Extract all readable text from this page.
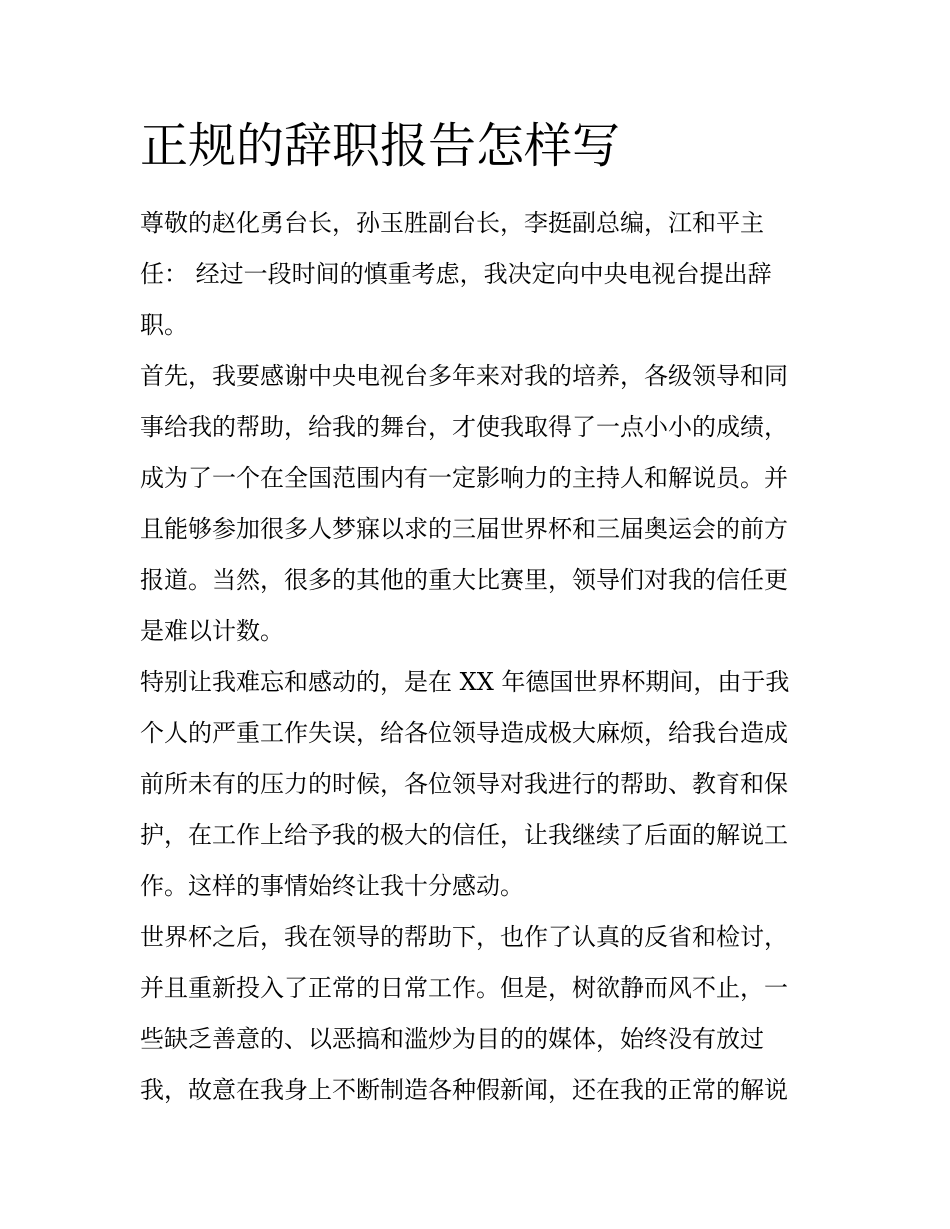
正规的辞职报告怎样写

尊敬的赵化勇台长，孙玉胜副台长，李挺副总编，江和平主
任： 经过一段时间的慎重考虑，我决定向中央电视台提出辞
职。

首先，我要感谢中央电视台多年来对我的培养，各级领导和同
事给我的帮助，给我的舞台，才使我取得了一点小小的成绩，
成为了一个在全国范围内有一定影响力的主持人和解说员。并
且能够参加很多人梦寐以求的三届世界杯和三届奥运会的前方
报道。当然，很多的其他的重大比赛里，领导们对我的信任更
是难以计数。

特别让我难忘和感动的，是在 XX 年德国世界杯期间，由于我
个人的严重工作失误，给各位领导造成极大麻烦，给我台造成
前所未有的压力的时候，各位领导对我进行的帮助、教育和保
护，在工作上给予我的极大的信任，让我继续了后面的解说工
作。这样的事情始终让我十分感动。

世界杯之后，我在领导的帮助下，也作了认真的反省和检讨，
并且重新投入了正常的日常工作。但是，树欲静而风不止，一
些缺乏善意的、以恶搞和滥炒为目的的媒体，始终没有放过
我，故意在我身上不断制造各种假新闻，还在我的正常的解说
